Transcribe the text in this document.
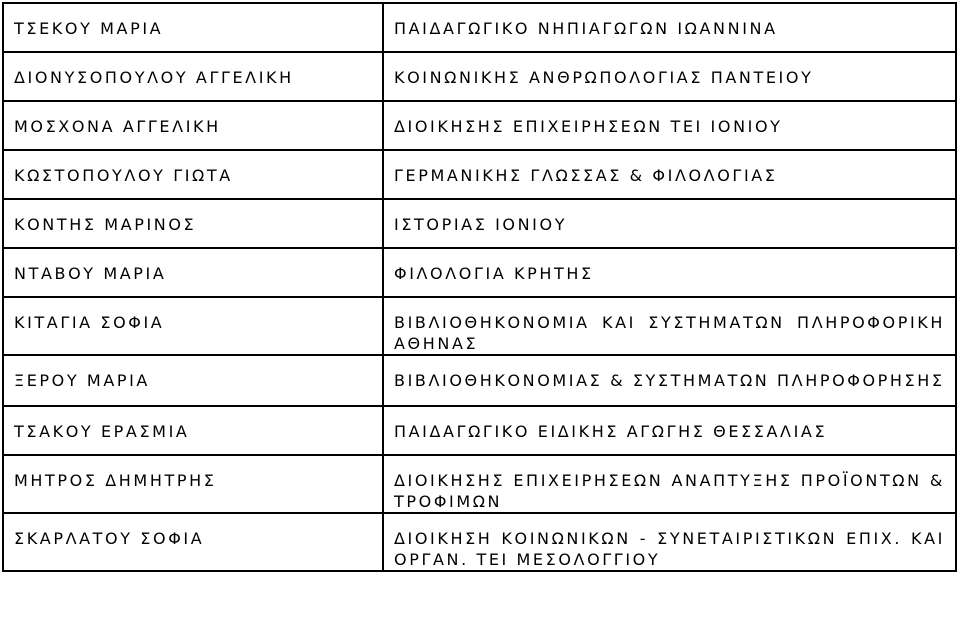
ΤΣΕΚΟΥ ΜΑΡΙΑ	ΠΑΙΔΑΓΩΓΙΚΟ ΝΗΠΙΑΓΩΓΩΝ ΙΩΑΝΝΙΝΑ
ΔΙΟΝΥΣΟΠΟΥΛΟΥ ΑΓΓΕΛΙΚΗ	ΚΟΙΝΩΝΙΚΗΣ ΑΝΘΡΩΠΟΛΟΓΙΑΣ ΠΑΝΤΕΙΟΥ
ΜΟΣΧΟΝΑ ΑΓΓΕΛΙΚΗ	ΔΙΟΙΚΗΣΗΣ ΕΠΙΧΕΙΡΗΣΕΩΝ ΤΕΙ ΙΟΝΙΟΥ
ΚΩΣΤΟΠΟΥΛΟΥ ΓΙΩΤΑ	ΓΕΡΜΑΝΙΚΗΣ ΓΛΩΣΣΑΣ & ΦΙΛΟΛΟΓΙΑΣ
ΚΟΝΤΗΣ ΜΑΡΙΝΟΣ	ΙΣΤΟΡΙΑΣ ΙΟΝΙΟΥ
ΝΤΑΒΟΥ ΜΑΡΙΑ	ΦΙΛΟΛΟΓΙΑ ΚΡΗΤΗΣ
ΚΙΤΑΓΙΑ ΣΟΦΙΑ	ΒΙΒΛΙΟΘΗΚΟΝΟΜΙΑ ΚΑΙ ΣΥΣΤΗΜΑΤΩΝ ΠΛΗΡΟΦΟΡΙΚΗ ΑΘΗΝΑΣ
ΞΕΡΟΥ ΜΑΡΙΑ	ΒΙΒΛΙΟΘΗΚΟΝΟΜΙΑΣ & ΣΥΣΤΗΜΑΤΩΝ ΠΛΗΡΟΦΟΡΗΣΗΣ
ΤΣΑΚΟΥ ΕΡΑΣΜΙΑ	ΠΑΙΔΑΓΩΓΙΚΟ ΕΙΔΙΚΗΣ ΑΓΩΓΗΣ ΘΕΣΣΑΛΙΑΣ
ΜΗΤΡΟΣ ΔΗΜΗΤΡΗΣ	ΔΙΟΙΚΗΣΗΣ ΕΠΙΧΕΙΡΗΣΕΩΝ ΑΝΑΠΤΥΞΗΣ ΠΡΟΪΟΝΤΩΝ & ΤΡΟΦΙΜΩΝ
ΣΚΑΡΛΑΤΟΥ ΣΟΦΙΑ	ΔΙΟΙΚΗΣΗ ΚΟΙΝΩΝΙΚΩΝ - ΣΥΝΕΤΑΙΡΙΣΤΙΚΩΝ ΕΠΙΧ. ΚΑΙ ΟΡΓΑΝ. ΤΕΙ ΜΕΣΟΛΟΓΓΙΟΥ
